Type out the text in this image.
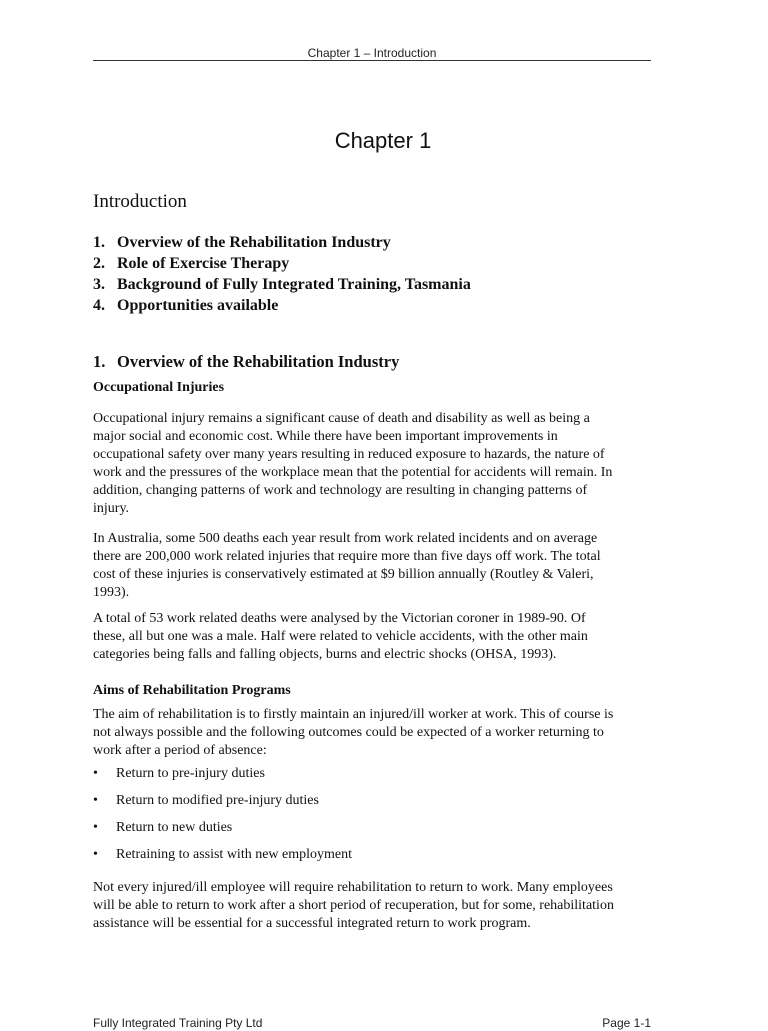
Chapter 1 – Introduction
Chapter 1
Introduction
1. Overview of the Rehabilitation Industry
2. Role of Exercise Therapy
3. Background of Fully Integrated Training, Tasmania
4. Opportunities available
1. Overview of the Rehabilitation Industry
Occupational Injuries
Occupational injury remains a significant cause of death and disability as well as being a
major social and economic cost. While there have been important improvements in
occupational safety over many years resulting in reduced exposure to hazards, the nature of
work and the pressures of the workplace mean that the potential for accidents will remain. In
addition, changing patterns of work and technology are resulting in changing patterns of
injury.
In Australia, some 500 deaths each year result from work related incidents and on average
there are 200,000 work related injuries that require more than five days off work. The total
cost of these injuries is conservatively estimated at $9 billion annually (Routley & Valeri,
1993).
A total of 53 work related deaths were analysed by the Victorian coroner in 1989-90. Of
these, all but one was a male. Half were related to vehicle accidents, with the other main
categories being falls and falling objects, burns and electric shocks (OHSA, 1993).
Aims of Rehabilitation Programs
The aim of rehabilitation is to firstly maintain an injured/ill worker at work. This of course is
not always possible and the following outcomes could be expected of a worker returning to
work after a period of absence:
• Return to pre-injury duties
• Return to modified pre-injury duties
• Return to new duties
• Retraining to assist with new employment
Not every injured/ill employee will require rehabilitation to return to work. Many employees
will be able to return to work after a short period of recuperation, but for some, rehabilitation
assistance will be essential for a successful integrated return to work program.
Fully Integrated Training Pty Ltd	Page 1-1
